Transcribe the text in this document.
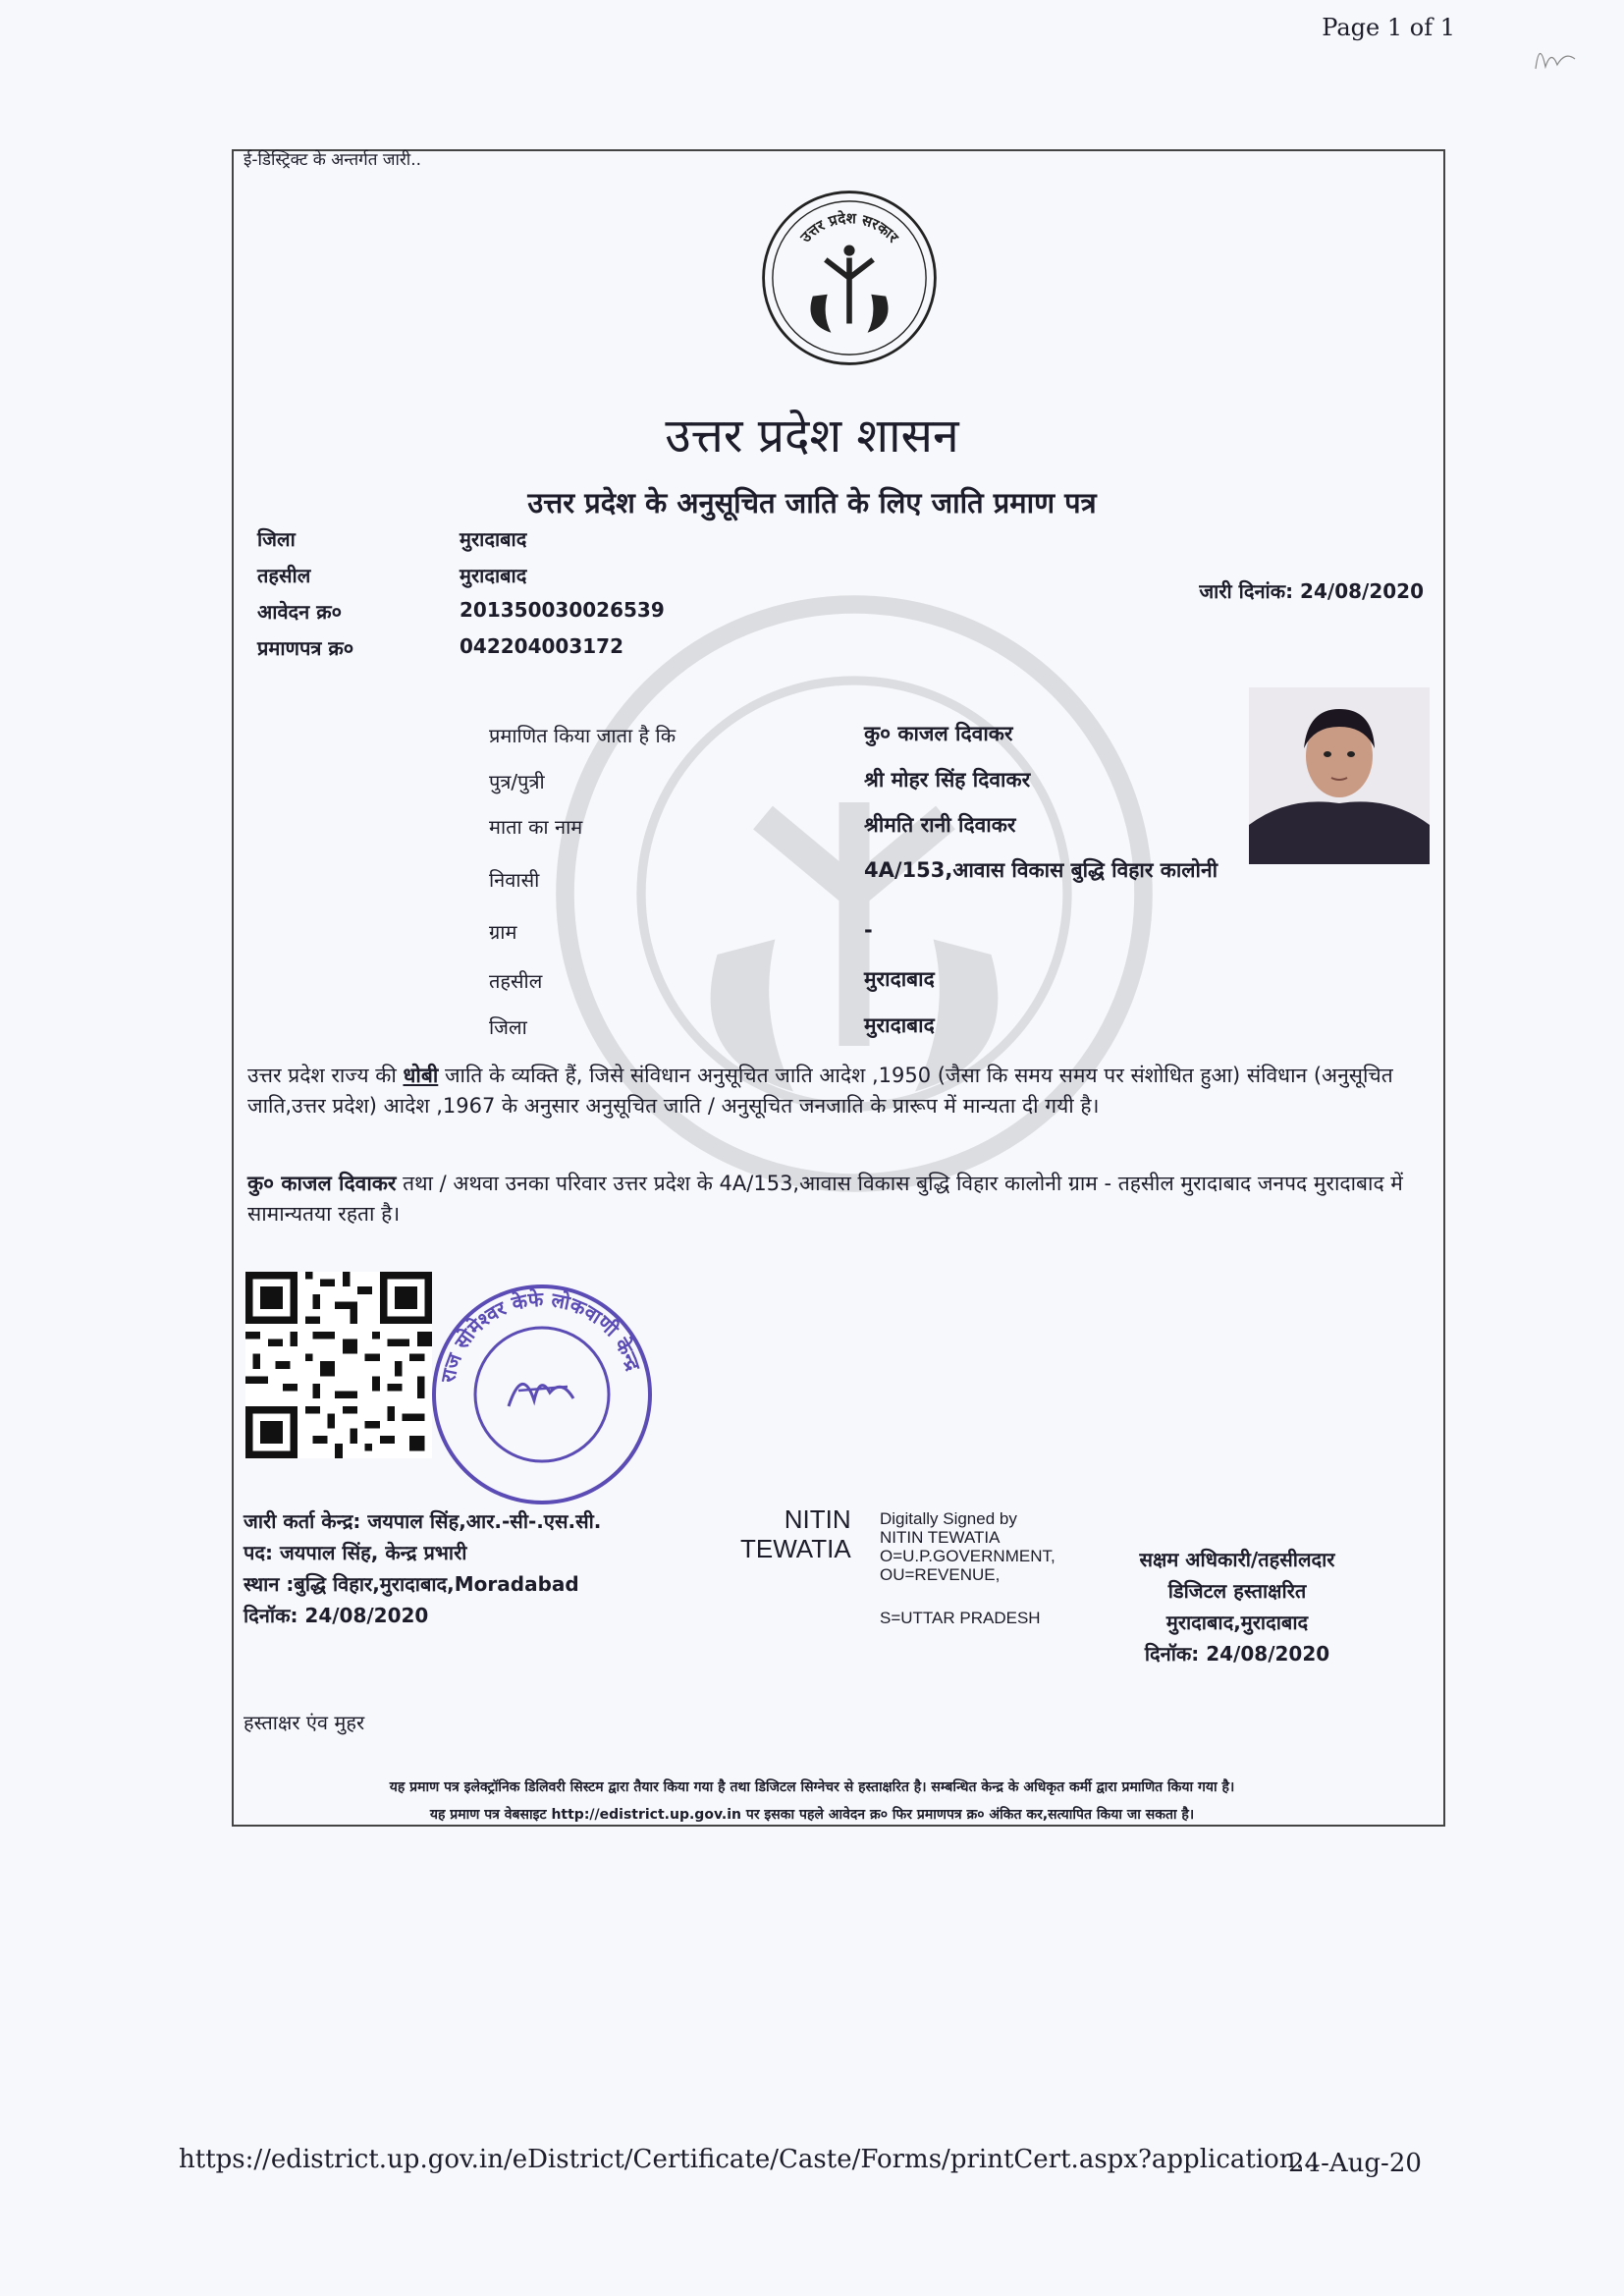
Page 1 of 1
ई-डिस्ट्रिक्ट के अन्तर्गत जारी..
उत्तर प्रदेश सरकार
उत्तर प्रदेश शासन
उत्तर प्रदेश के अनुसूचित जाति के लिए जाति प्रमाण पत्र
जिला	मुरादाबाद
तहसील	मुरादाबाद
आवेदन क्र०	201350030026539
प्रमाणपत्र क्र०	042204003172
जारी दिनांक: 24/08/2020
प्रमाणित किया जाता है कि	कु० काजल दिवाकर
पुत्र/पुत्री	श्री मोहर सिंह दिवाकर
माता का नाम	श्रीमति रानी दिवाकर
निवासी	4A/153,आवास विकास बुद्धि विहार कालोनी
ग्राम	-
तहसील	मुरादाबाद
जिला	मुरादाबाद
उत्तर प्रदेश राज्य की धोबी जाति के व्यक्ति हैं, जिसे संविधान अनुसूचित जाति आदेश ,1950 (जैसा कि समय समय पर संशोधित हुआ) संविधान (अनुसूचित जाति,उत्तर प्रदेश) आदेश ,1967 के अनुसार अनुसूचित जाति / अनुसूचित जनजाति के प्रारूप में मान्यता दी गयी है।
कु० काजल दिवाकर तथा / अथवा उनका परिवार उत्तर प्रदेश के 4A/153,आवास विकास बुद्धि विहार कालोनी ग्राम - तहसील मुरादाबाद जनपद मुरादाबाद में सामान्यतया रहता है।
राज सोमेश्वर केफे लोकवाणी केन्द्र
जारी कर्ता केन्द्र: जयपाल सिंह,आर.-सी-.एस.सी.
पद: जयपाल सिंह, केन्द्र प्रभारी
स्थान :बुद्धि विहार,मुरादाबाद,Moradabad
दिनॉक: 24/08/2020
NITIN
TEWATIA
Digitally Signed by
NITIN TEWATIA
O=U.P.GOVERNMENT,
OU=REVENUE,
S=UTTAR PRADESH
सक्षम अधिकारी/तहसीलदार
डिजिटल हस्ताक्षरित
मुरादाबाद,मुरादाबाद
दिनॉक: 24/08/2020
हस्ताक्षर एंव मुहर
यह प्रमाण पत्र इलेक्ट्रॉनिक डिलिवरी सिस्टम द्वारा तैयार किया गया है तथा डिजिटल सिग्नेचर से हस्ताक्षरित है। सम्बन्धित केन्द्र के अधिकृत कर्मी द्वारा प्रमाणित किया गया है।
यह प्रमाण पत्र वेबसाइट http://edistrict.up.gov.in पर इसका पहले आवेदन क्र० फिर प्रमाणपत्र क्र० अंकित कर,सत्यापित किया जा सकता है।
https://edistrict.up.gov.in/eDistrict/Certificate/Caste/Forms/printCert.aspx?application...
24-Aug-20
